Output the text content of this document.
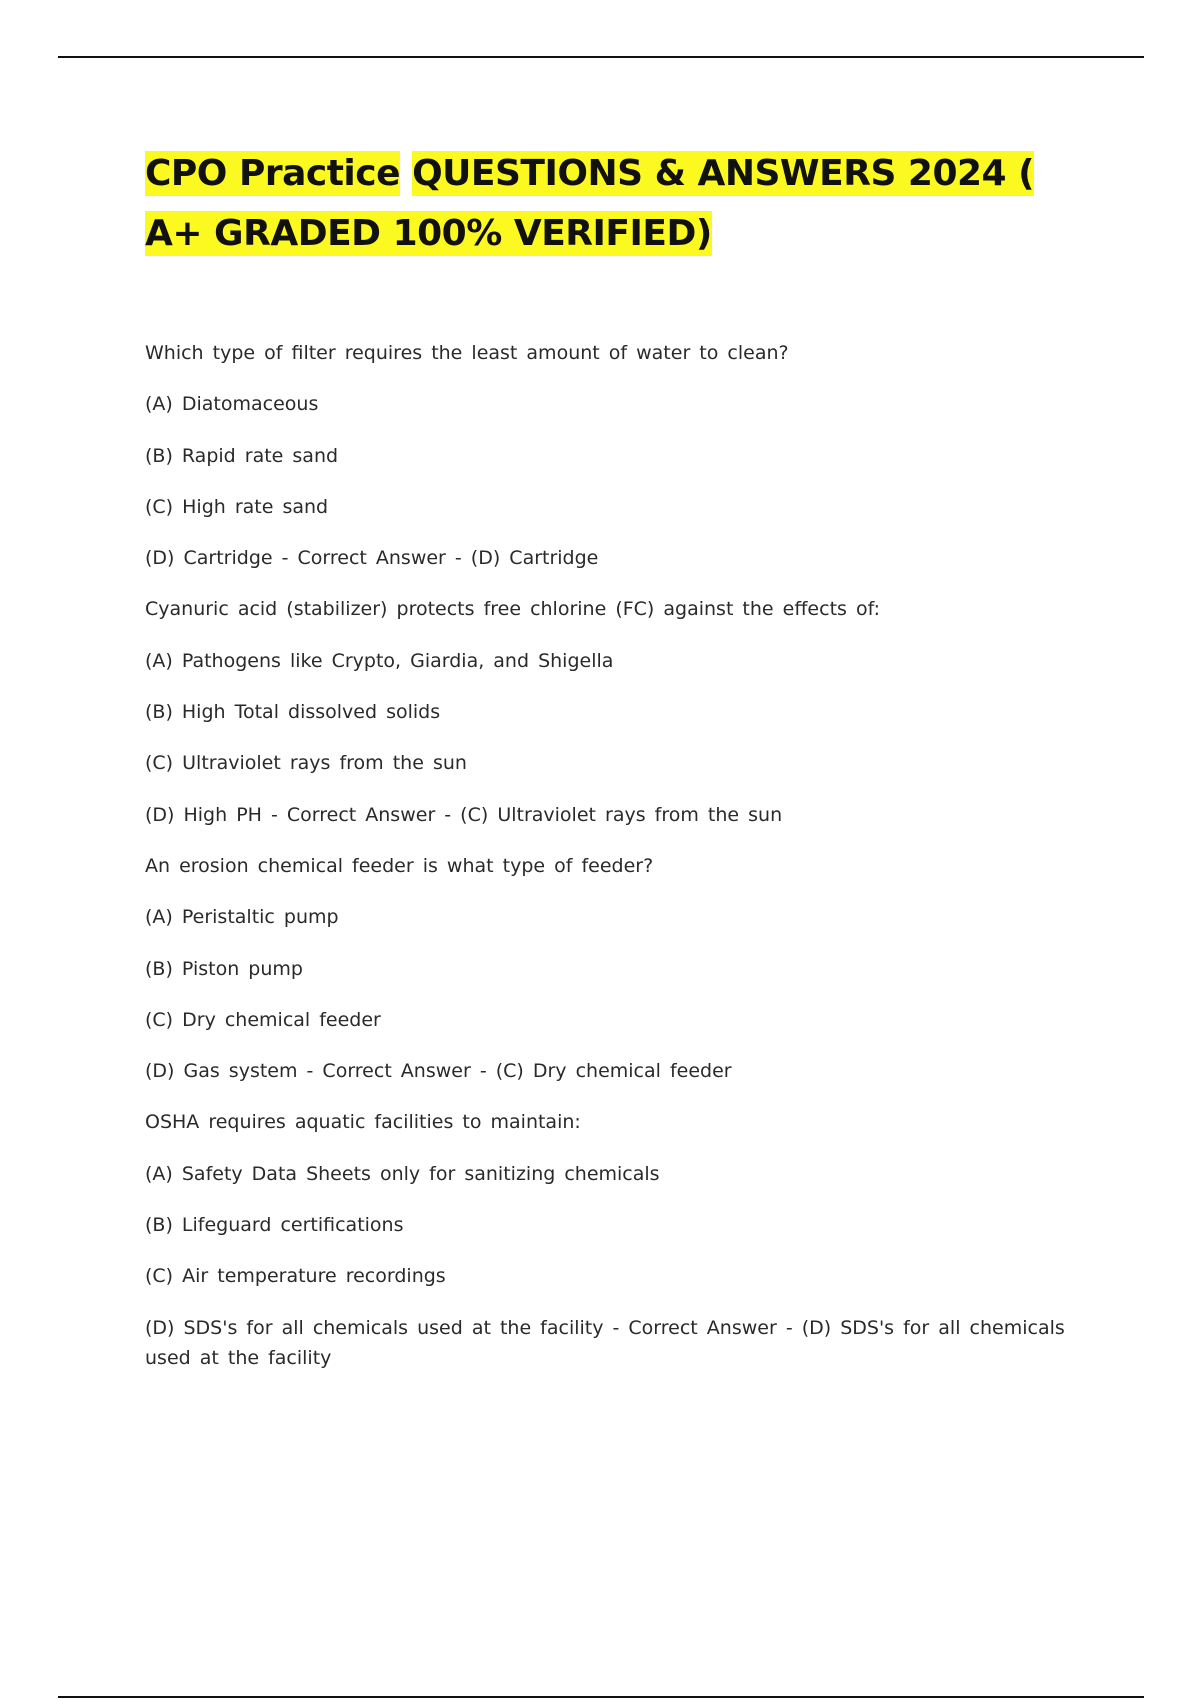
CPO Practice QUESTIONS & ANSWERS 2024 ( A+ GRADED 100% VERIFIED)

Which type of filter requires the least amount of water to clean?

(A) Diatomaceous

(B) Rapid rate sand

(C) High rate sand

(D) Cartridge - Correct Answer - (D) Cartridge

Cyanuric acid (stabilizer) protects free chlorine (FC) against the effects of:

(A) Pathogens like Crypto, Giardia, and Shigella

(B) High Total dissolved solids

(C) Ultraviolet rays from the sun

(D) High PH - Correct Answer - (C) Ultraviolet rays from the sun

An erosion chemical feeder is what type of feeder?

(A) Peristaltic pump

(B) Piston pump

(C) Dry chemical feeder

(D) Gas system - Correct Answer - (C) Dry chemical feeder

OSHA requires aquatic facilities to maintain:

(A) Safety Data Sheets only for sanitizing chemicals

(B) Lifeguard certifications

(C) Air temperature recordings

(D) SDS's for all chemicals used at the facility - Correct Answer - (D) SDS's for all chemicals used at the facility
